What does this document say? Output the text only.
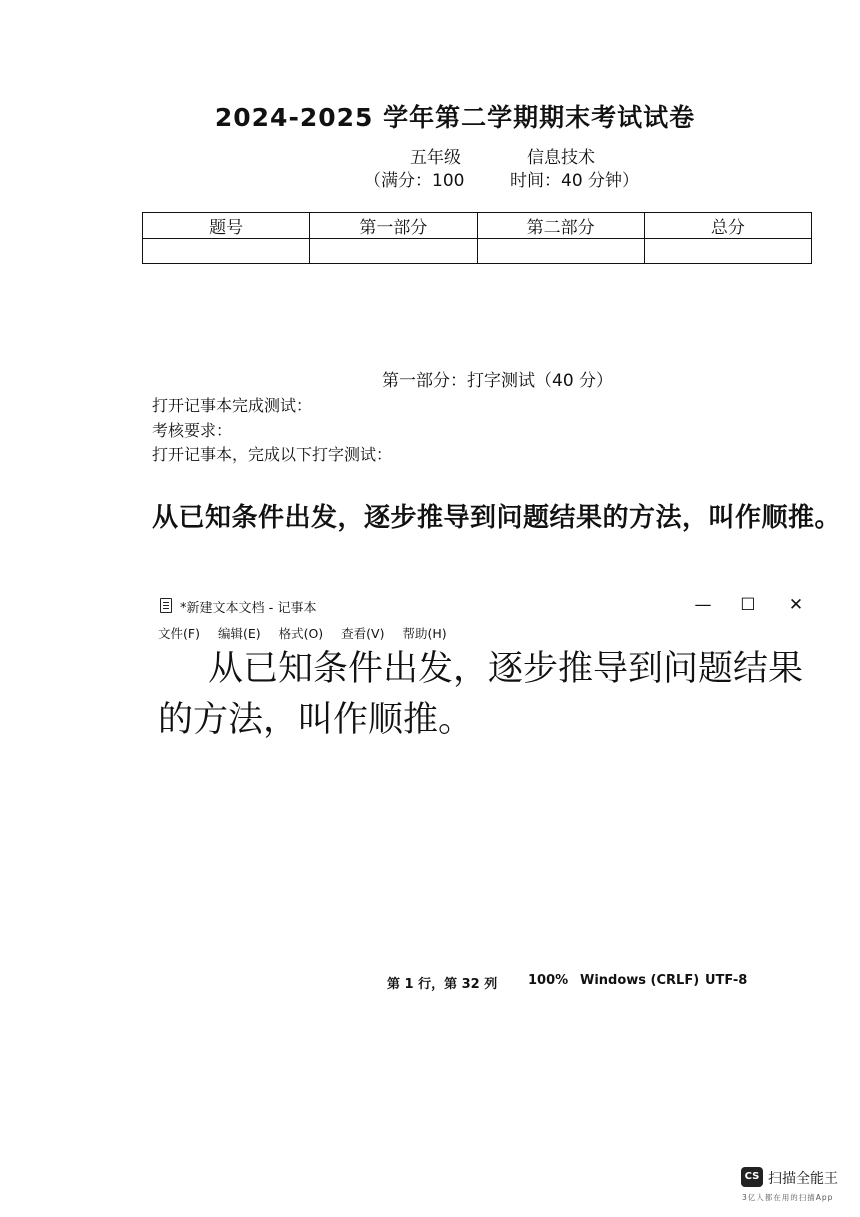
2024-2025 学年第二学期期末考试试卷
五年级	信息技术
（满分：100	时间：40 分钟）
题号	第一部分	第二部分	总分

第一部分：打字测试（40 分）
打开记事本完成测试：
考核要求：
打开记事本，完成以下打字测试：
从已知条件出发，逐步推导到问题结果的方法，叫作顺推。
*新建文本文档 - 记事本	—	☐	✕
文件(F) 编辑(E) 格式(O) 查看(V) 帮助(H)
从已知条件出发，逐步推导到问题结果的方法，叫作顺推。
第 1 行，第 32 列 100% Windows (CRLF) UTF-8
CS 扫描全能王
3亿人都在用的扫描App
